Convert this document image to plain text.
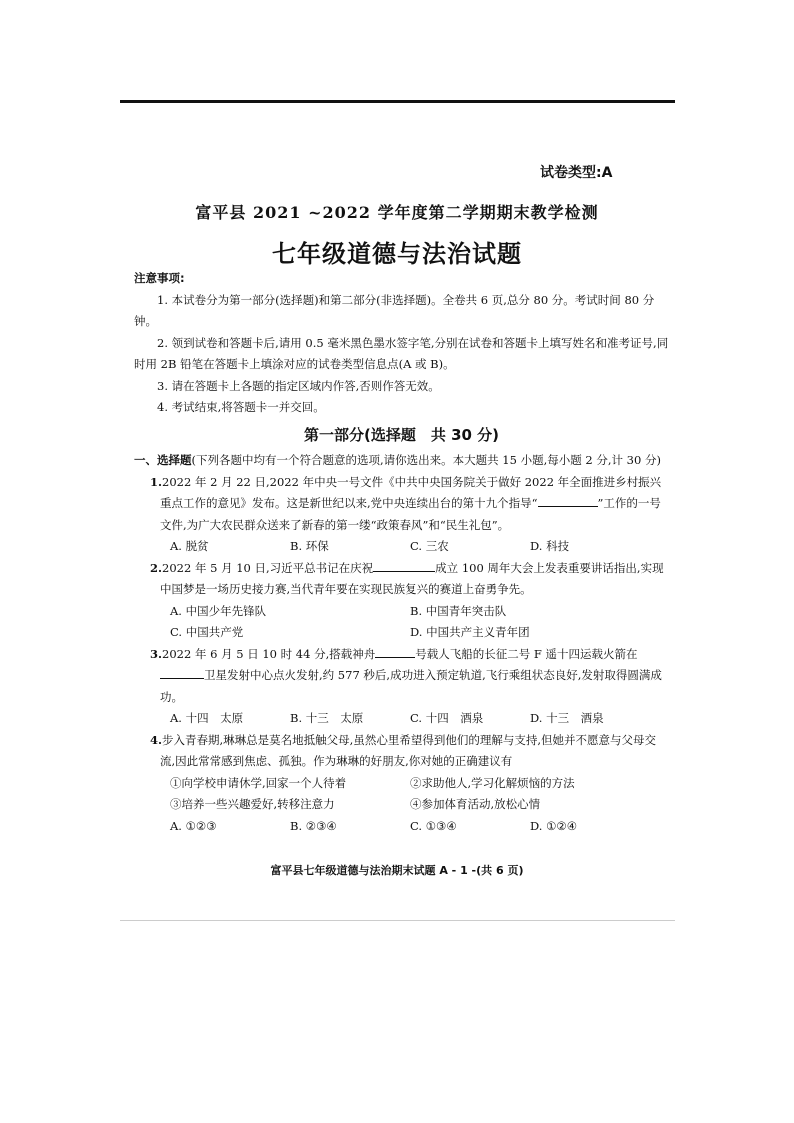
试卷类型:A
富平县 2021 ~2022 学年度第二学期期末教学检测
七年级道德与法治试题
注意事项:
1. 本试卷分为第一部分(选择题)和第二部分(非选择题)。全卷共 6 页,总分 80 分。考试时间 80 分钟。
2. 领到试卷和答题卡后,请用 0.5 毫米黑色墨水签字笔,分别在试卷和答题卡上填写姓名和准考证号,同时用 2B 铅笔在答题卡上填涂对应的试卷类型信息点(A 或 B)。
3. 请在答题卡上各题的指定区域内作答,否则作答无效。
4. 考试结束,将答题卡一并交回。
第一部分(选择题　共 30 分)
一、选择题(下列各题中均有一个符合题意的选项,请你选出来。本大题共 15 小题,每小题 2 分,计 30 分)
1.2022 年 2 月 22 日,2022 年中央一号文件《中共中央国务院关于做好 2022 年全面推进乡村振兴重点工作的意见》发布。这是新世纪以来,党中央连续出台的第十九个指导“	”工作的一号文件,为广大农民群众送来了新春的第一缕“政策春风”和“民生礼包”。
A. 脱贫	B. 环保	C. 三农	D. 科技
2.2022 年 5 月 10 日,习近平总书记在庆祝	成立 100 周年大会上发表重要讲话指出,实现中国梦是一场历史接力赛,当代青年要在实现民族复兴的赛道上奋勇争先。
A. 中国少年先锋队	B. 中国青年突击队
C. 中国共产党	D. 中国共产主义青年团
3.2022 年 6 月 5 日 10 时 44 分,搭载神舟	号载人飞船的长征二号 F 遥十四运载火箭在卫星发射中心点火发射,约 577 秒后,成功进入预定轨道,飞行乘组状态良好,发射取得圆满成功。
A. 十四　太原	B. 十三　太原	C. 十四　酒泉	D. 十三　酒泉
4.步入青春期,琳琳总是莫名地抵触父母,虽然心里希望得到他们的理解与支持,但她并不愿意与父母交流,因此常常感到焦虑、孤独。作为琳琳的好朋友,你对她的正确建议有
①向学校申请休学,回家一个人待着	②求助他人,学习化解烦恼的方法
③培养一些兴趣爱好,转移注意力	④参加体育活动,放松心情
A. ①②③	B. ②③④	C. ①③④	D. ①②④
富平县七年级道德与法治期末试题 A - 1 -(共 6 页)
